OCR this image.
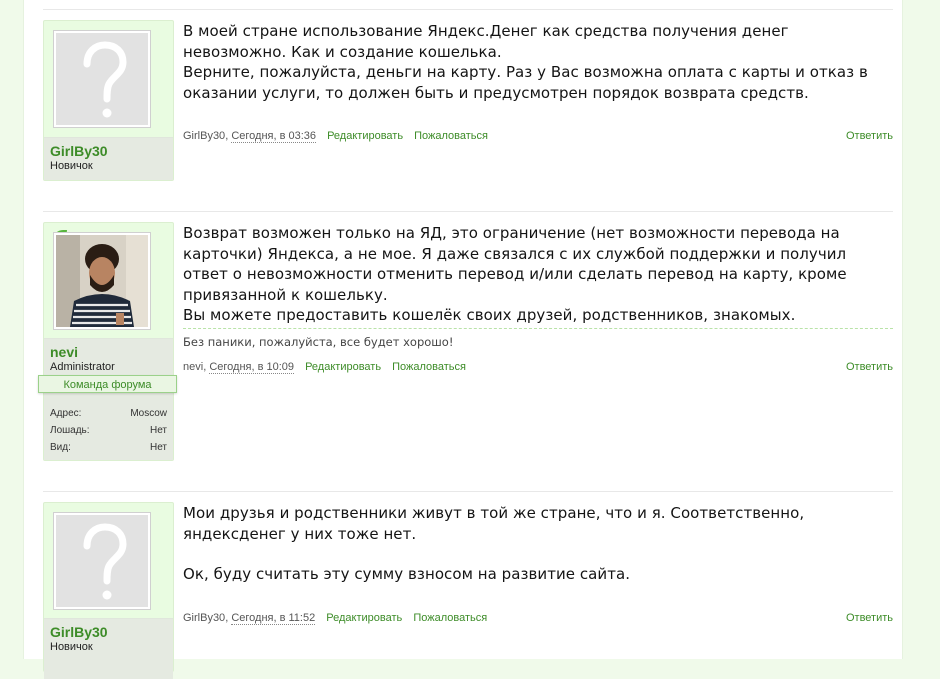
GirlBy30
Новичок

В моей стране использование Яндекс.Денег как средства получения денег невозможно. Как и создание кошелька.

Верните, пожалуйста, деньги на карту. Раз у Вас возможна оплата с карты и отказ в оказании услуги, то должен быть и предусмотрен порядок возврата средств.

GirlBy30, Сегодня, в 03:36 Редактировать Пожаловаться	Ответить
nevi
Administrator
Команда форума
Адрес:	Moscow
Лошадь:	Нет
Вид:	Нет

Возврат возможен только на ЯД, это ограничение (нет возможности перевода на карточки) Яндекса, а не мое. Я даже связался с их службой поддержки и получил ответ о невозможности отменить перевод и/или сделать перевод на карту, кроме привязанной к кошельку.

Вы можете предоставить кошелёк своих друзей, родственников, знакомых.

Без паники, пожалуйста, все будет хорошо!
nevi, Сегодня, в 10:09 Редактировать Пожаловаться	Ответить
GirlBy30
Новичок

Мои друзья и родственники живут в той же стране, что и я. Соответственно, яндексденег у них тоже нет.

Ок, буду считать эту сумму взносом на развитие сайта.

GirlBy30, Сегодня, в 11:52 Редактировать Пожаловаться	Ответить
